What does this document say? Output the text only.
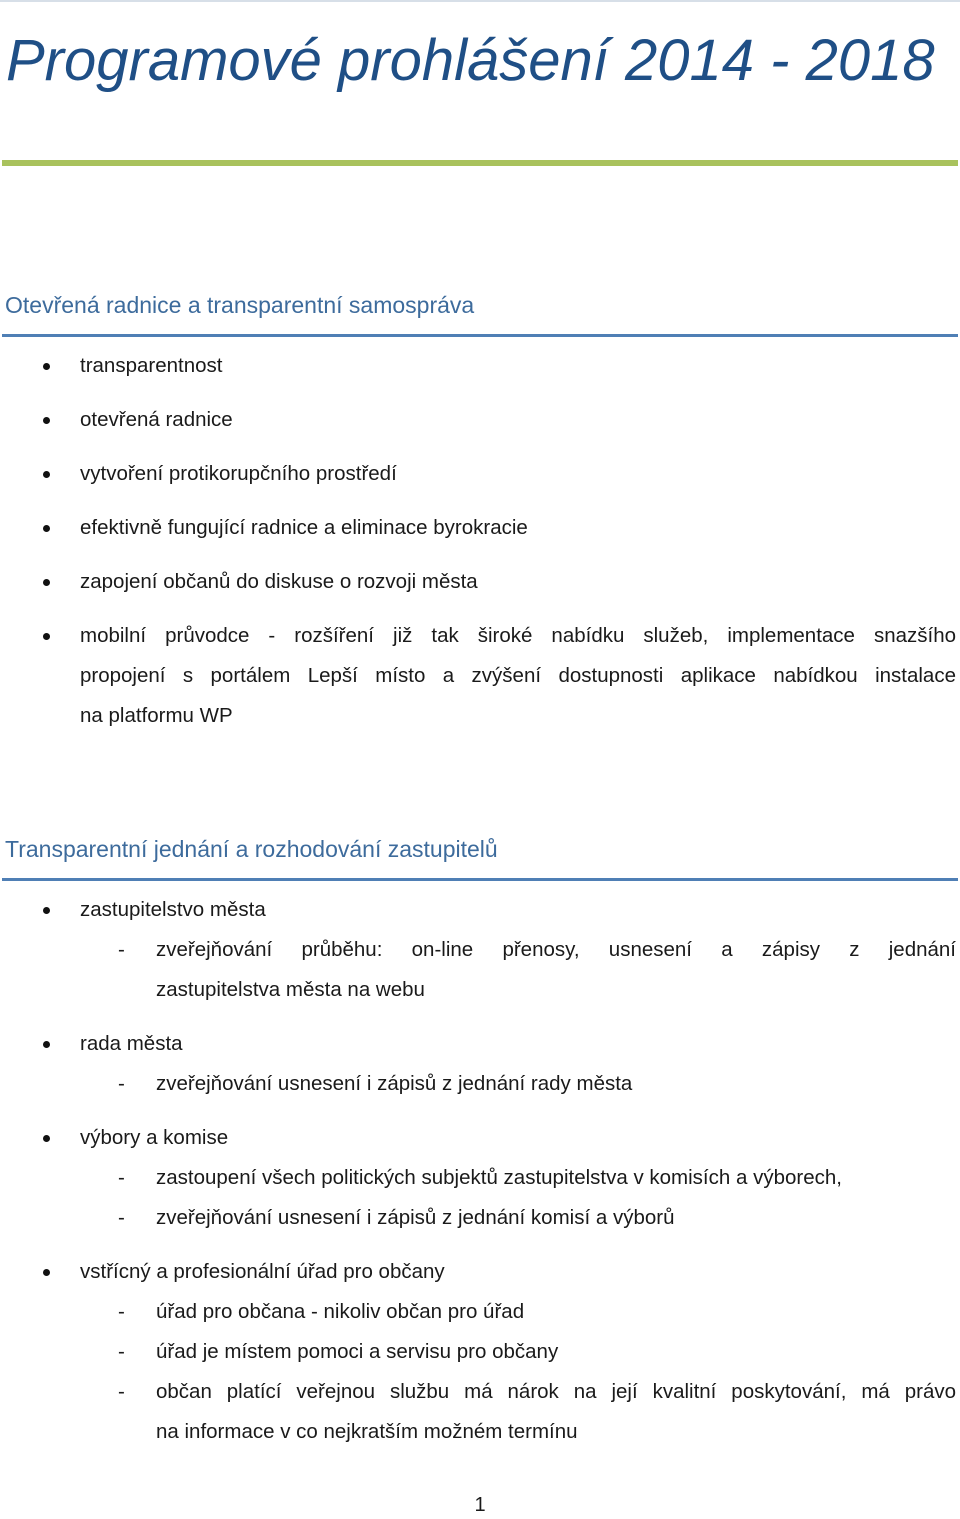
Programové prohlášení 2014 - 2018
Otevřená radnice a transparentní samospráva
transparentnost
otevřená radnice
vytvoření protikorupčního prostředí
efektivně fungující radnice a eliminace byrokracie
zapojení občanů do diskuse o rozvoji města
mobilní průvodce - rozšíření již tak široké nabídku služeb, implementace snazšího
propojení s portálem Lepší místo a zvýšení dostupnosti aplikace nabídkou instalace
na platformu WP
Transparentní jednání a rozhodování zastupitelů
zastupitelstvo města
- zveřejňování průběhu: on-line přenosy, usnesení a zápisy z jednání
zastupitelstva města na webu
rada města
- zveřejňování usnesení i zápisů z jednání rady města
výbory a komise
- zastoupení všech politických subjektů zastupitelstva v komisích a výborech,
- zveřejňování usnesení i zápisů z jednání komisí a výborů
vstřícný a profesionální úřad pro občany
- úřad pro občana - nikoliv občan pro úřad
- úřad je místem pomoci a servisu pro občany
- občan platící veřejnou službu má nárok na její kvalitní poskytování, má právo
na informace v co nejkratším možném termínu
1
